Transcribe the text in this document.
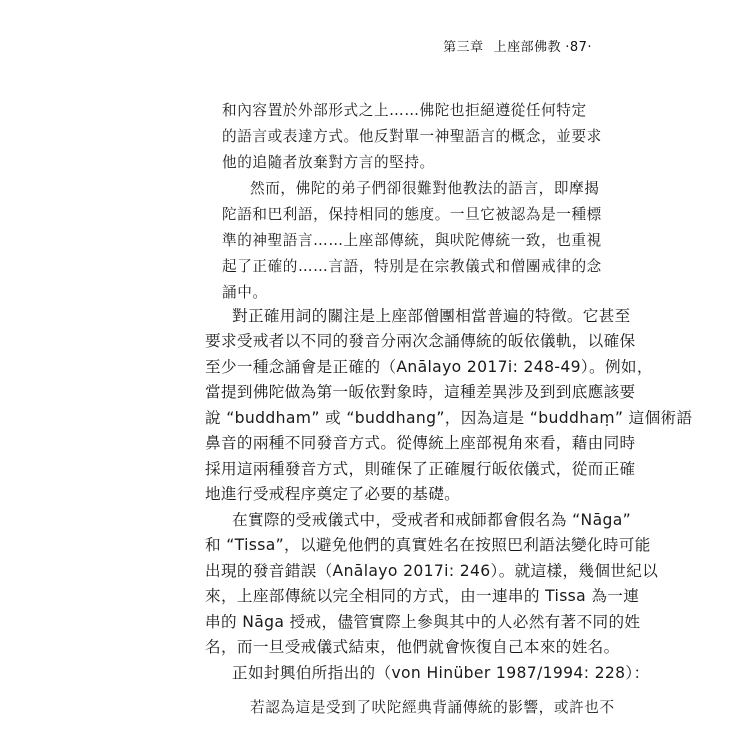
第三章 上座部佛教 ‧87‧
和內容置於外部形式之上……佛陀也拒絕遵從任何特定
的語言或表達方式。他反對單一神聖語言的概念，並要求
他的追隨者放棄對方言的堅持。
然而，佛陀的弟子們卻很難對他教法的語言，即摩揭
陀語和巴利語，保持相同的態度。一旦它被認為是一種標
準的神聖語言……上座部傳統，與吠陀傳統一致，也重視
起了正確的……言語，特別是在宗教儀式和僧團戒律的念
誦中。
對正確用詞的關注是上座部僧團相當普遍的特徵。它甚至
要求受戒者以不同的發音分兩次念誦傳統的皈依儀軌，以確保
至少一種念誦會是正確的（Anālayo 2017i: 248-49）。例如，
當提到佛陀做為第一皈依對象時，這種差異涉及到到底應該要
說 “buddham” 或 “buddhang”，因為這是 “buddhaṃ” 這個術語
鼻音的兩種不同發音方式。從傳統上座部視角來看，藉由同時
採用這兩種發音方式，則確保了正確履行皈依儀式，從而正確
地進行受戒程序奠定了必要的基礎。
在實際的受戒儀式中，受戒者和戒師都會假名為 “Nāga”
和 “Tissa”，以避免他們的真實姓名在按照巴利語法變化時可能
出現的發音錯誤（Anālayo 2017i: 246）。就這樣，幾個世紀以
來，上座部傳統以完全相同的方式，由一連串的 Tissa 為一連
串的 Nāga 授戒，儘管實際上參與其中的人必然有著不同的姓
名，而一旦受戒儀式結束，他們就會恢復自己本來的姓名。
正如封興伯所指出的（von Hinüber 1987/1994: 228）：
若認為這是受到了吠陀經典背誦傳統的影響，或許也不
